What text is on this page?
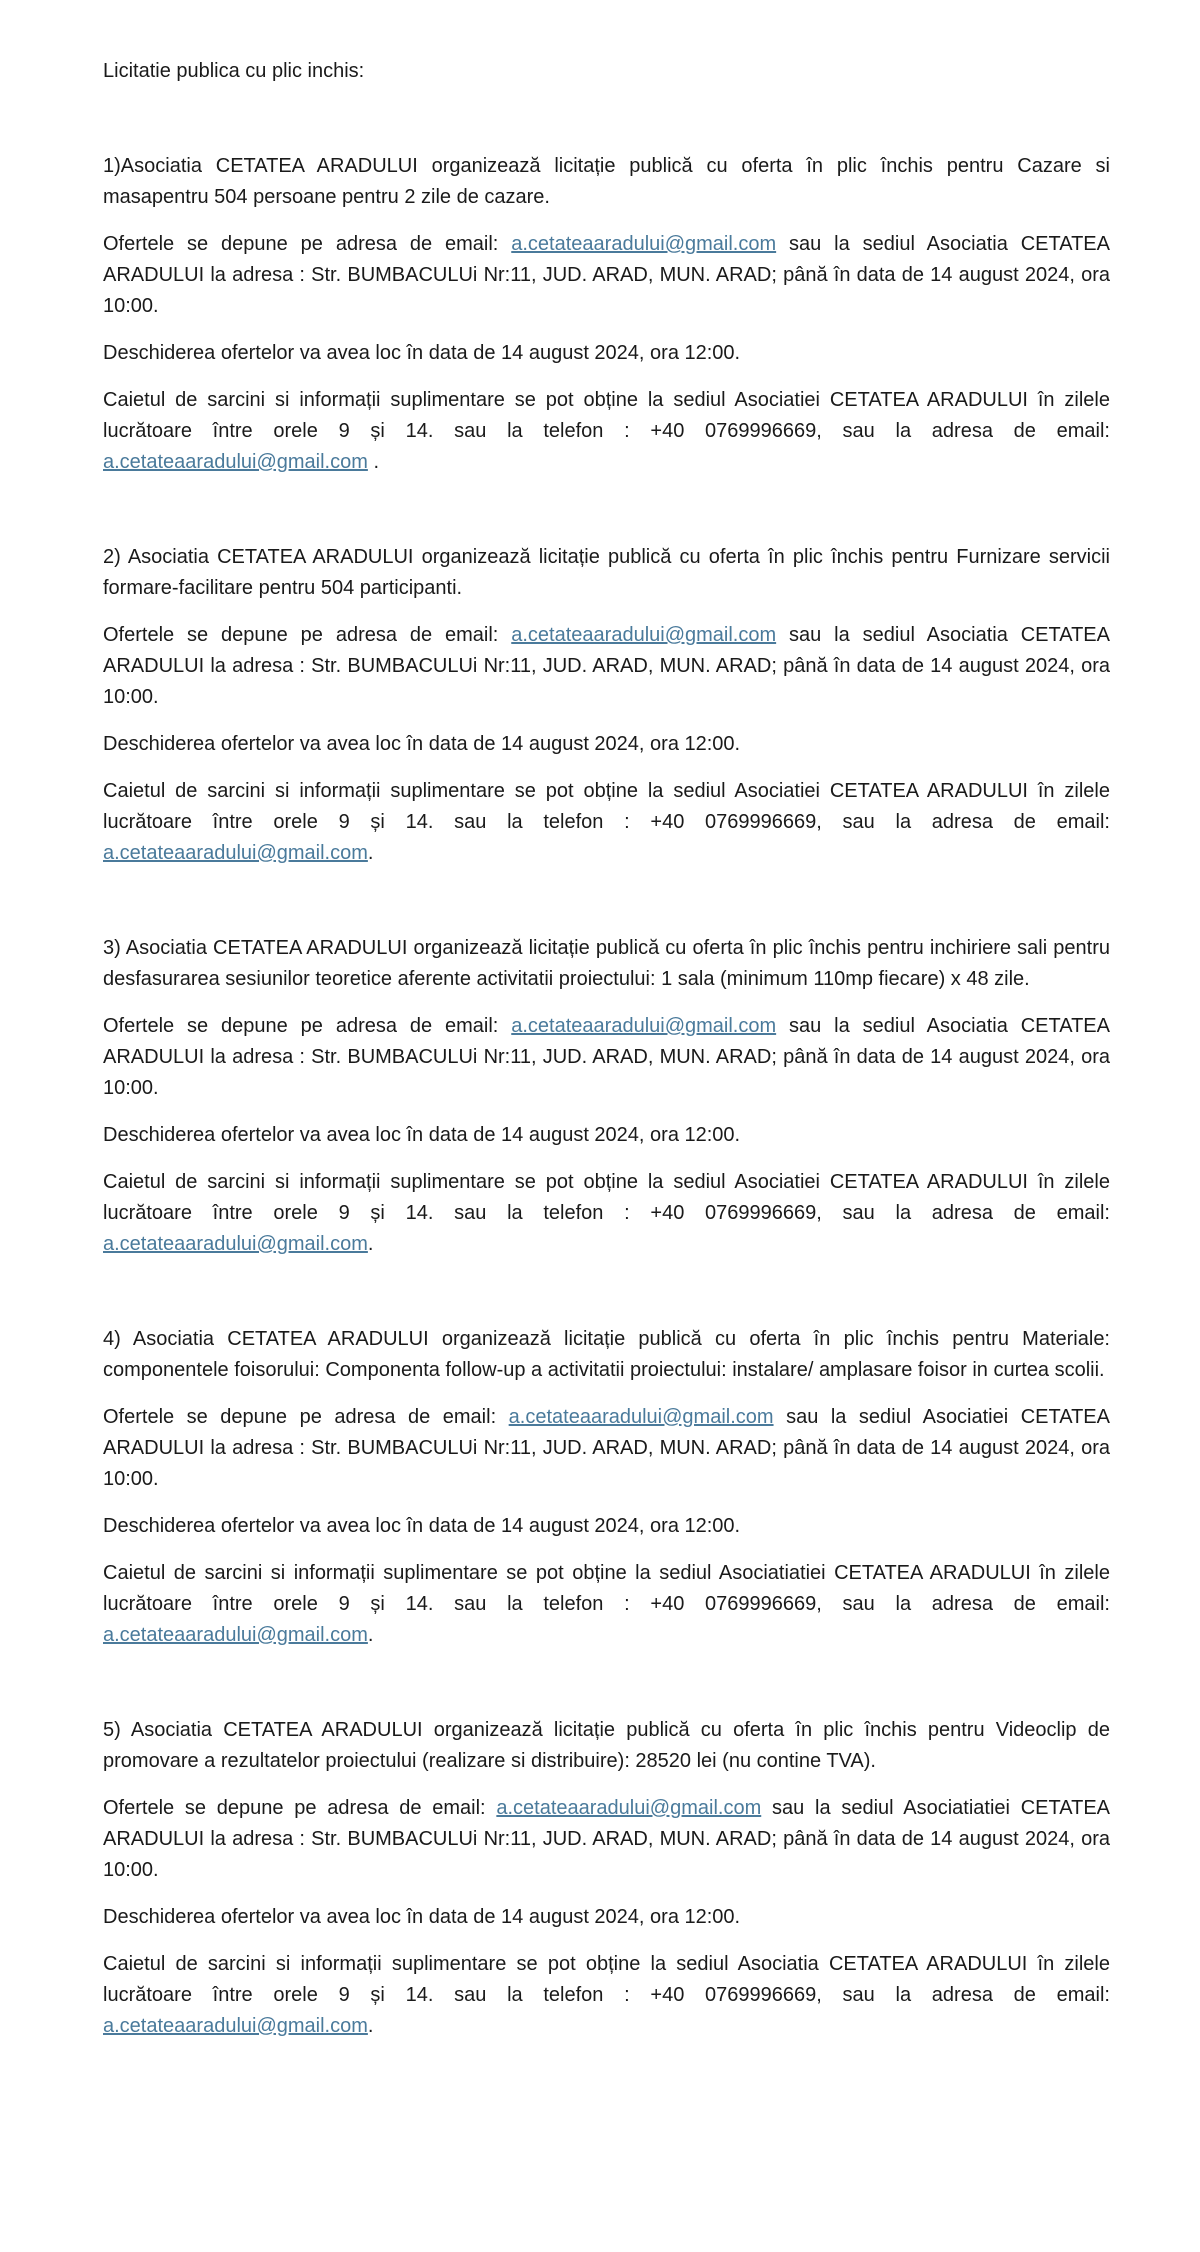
Licitatie publica cu plic inchis:

1)Asociatia CETATEA ARADULUI organizează licitație publică cu oferta în plic închis pentru Cazare si masapentru 504 persoane pentru 2 zile de cazare.

Ofertele se depune pe adresa de email: a.cetateaaradului@gmail.com sau la sediul Asociatia CETATEA ARADULUI la adresa : Str. BUMBACULUi Nr:11, JUD. ARAD, MUN. ARAD; până în data de 14 august 2024, ora 10:00.

Deschiderea ofertelor va avea loc în data de 14 august 2024, ora 12:00.

Caietul de sarcini si informații suplimentare se pot obține la sediul Asociatiei CETATEA ARADULUI în zilele lucrătoare între orele 9 și 14. sau la telefon : +40 0769996669, sau la adresa de email: a.cetateaaradului@gmail.com .

2) Asociatia CETATEA ARADULUI organizează licitație publică cu oferta în plic închis pentru Furnizare servicii formare-facilitare pentru 504 participanti.

Ofertele se depune pe adresa de email: a.cetateaaradului@gmail.com sau la sediul Asociatia CETATEA ARADULUI la adresa : Str. BUMBACULUi Nr:11, JUD. ARAD, MUN. ARAD; până în data de 14 august 2024, ora 10:00.

Deschiderea ofertelor va avea loc în data de 14 august 2024, ora 12:00.

Caietul de sarcini si informații suplimentare se pot obține la sediul Asociatiei CETATEA ARADULUI în zilele lucrătoare între orele 9 și 14. sau la telefon : +40 0769996669, sau la adresa de email: a.cetateaaradului@gmail.com.

3) Asociatia CETATEA ARADULUI organizează licitație publică cu oferta în plic închis pentru inchiriere sali pentru desfasurarea sesiunilor teoretice aferente activitatii proiectului: 1 sala (minimum 110mp fiecare) x 48 zile.

Ofertele se depune pe adresa de email: a.cetateaaradului@gmail.com sau la sediul Asociatia CETATEA ARADULUI la adresa : Str. BUMBACULUi Nr:11, JUD. ARAD, MUN. ARAD; până în data de 14 august 2024, ora 10:00.

Deschiderea ofertelor va avea loc în data de 14 august 2024, ora 12:00.

Caietul de sarcini si informații suplimentare se pot obține la sediul Asociatiei CETATEA ARADULUI în zilele lucrătoare între orele 9 și 14. sau la telefon : +40 0769996669, sau la adresa de email: a.cetateaaradului@gmail.com.

4) Asociatia CETATEA ARADULUI organizează licitație publică cu oferta în plic închis pentru Materiale: componentele foisorului: Componenta follow-up a activitatii proiectului: instalare/ amplasare foisor in curtea scolii.

Ofertele se depune pe adresa de email: a.cetateaaradului@gmail.com sau la sediul Asociatiei CETATEA ARADULUI la adresa : Str. BUMBACULUi Nr:11, JUD. ARAD, MUN. ARAD; până în data de 14 august 2024, ora 10:00.

Deschiderea ofertelor va avea loc în data de 14 august 2024, ora 12:00.

Caietul de sarcini si informații suplimentare se pot obține la sediul Asociatiatiei CETATEA ARADULUI în zilele lucrătoare între orele 9 și 14. sau la telefon : +40 0769996669, sau la adresa de email: a.cetateaaradului@gmail.com.

5) Asociatia CETATEA ARADULUI organizează licitație publică cu oferta în plic închis pentru Videoclip de promovare a rezultatelor proiectului (realizare si distribuire): 28520 lei (nu contine TVA).

Ofertele se depune pe adresa de email: a.cetateaaradului@gmail.com sau la sediul Asociatiatiei CETATEA ARADULUI la adresa : Str. BUMBACULUi Nr:11, JUD. ARAD, MUN. ARAD; până în data de 14 august 2024, ora 10:00.

Deschiderea ofertelor va avea loc în data de 14 august 2024, ora 12:00.

Caietul de sarcini si informații suplimentare se pot obține la sediul Asociatia CETATEA ARADULUI în zilele lucrătoare între orele 9 și 14. sau la telefon : +40 0769996669, sau la adresa de email: a.cetateaaradului@gmail.com.
